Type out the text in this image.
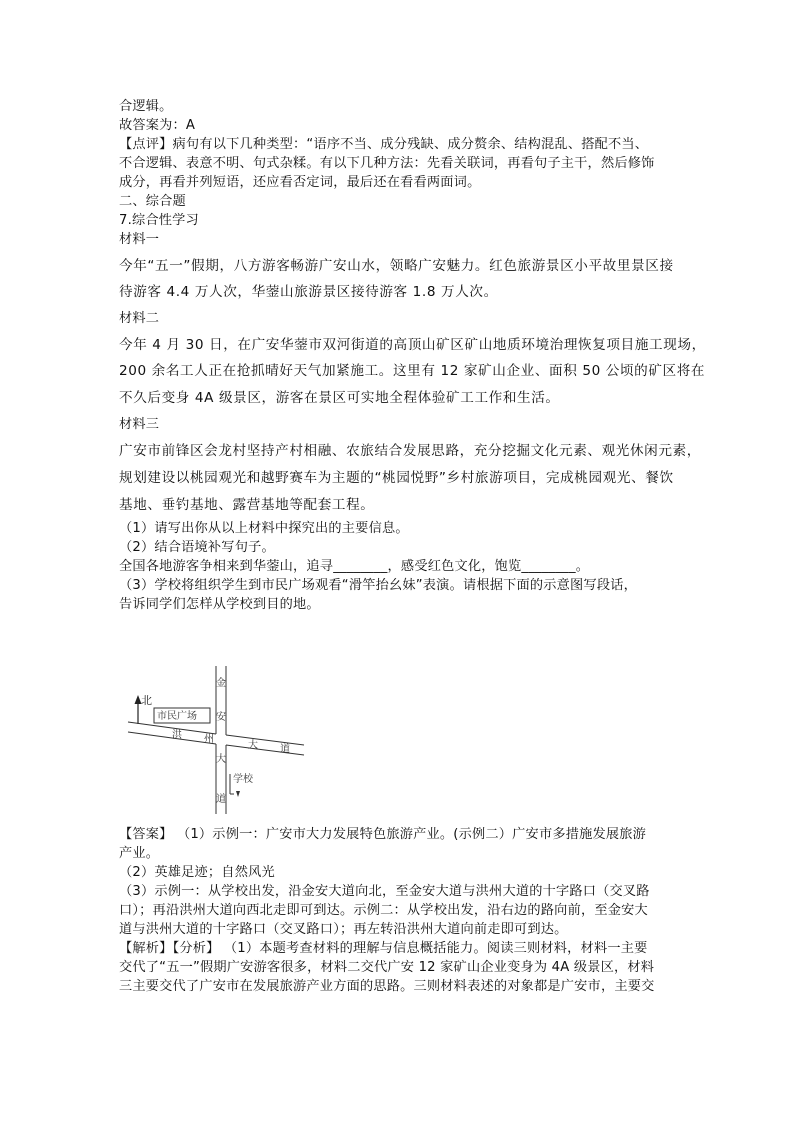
合逻辑。
故答案为：A
【点评】病句有以下几种类型：“语序不当、成分残缺、成分赘余、结构混乱、搭配不当、
不合逻辑、表意不明、句式杂糅。有以下几种方法：先看关联词，再看句子主干，然后修饰
成分，再看并列短语，还应看否定词，最后还在看看两面词。
二、综合题
7.综合性学习
材料一
今年“五一”假期，八方游客畅游广安山水，领略广安魅力。红色旅游景区小平故里景区接
待游客 4.4 万人次，华蓥山旅游景区接待游客 1.8 万人次。
材料二
今年 4 月 30 日，在广安华蓥市双河街道的高顶山矿区矿山地质环境治理恢复项目施工现场，
200 余名工人正在抢抓晴好天气加紧施工。这里有 12 家矿山企业、面积 50 公顷的矿区将在
不久后变身 4A 级景区，游客在景区可实地全程体验矿工工作和生活。
材料三
广安市前锋区会龙村坚持产村相融、农旅结合发展思路，充分挖掘文化元素、观光休闲元素，
规划建设以桃园观光和越野赛车为主题的“桃园悦野”乡村旅游项目，完成桃园观光、餐饮
基地、垂钓基地、露营基地等配套工程。
（1）请写出你从以上材料中探究出的主要信息。
（2）结合语境补写句子。
全国各地游客争相来到华蓥山，追寻________，感受红色文化，饱览________。
（3）学校将组织学生到市民广场观看“滑竿抬幺妹”表演。请根据下面的示意图写段话，
告诉同学们怎样从学校到目的地。
北
洪 州
大 道
金
安
大
道
市民广场
学校
【答案】 （1）示例一：广安市大力发展特色旅游产业。(示例二）广安市多措施发展旅游
产业。
（2）英雄足迹；自然风光
（3）示例一：从学校出发，沿金安大道向北，至金安大道与洪州大道的十字路口（交叉路
口）；再沿洪州大道向西北走即可到达。示例二：从学校出发，沿右边的路向前，至金安大
道与洪州大道的十字路口（交叉路口）；再左转沿洪州大道向前走即可到达。
【解析】【分析】 （1）本题考查材料的理解与信息概括能力。阅读三则材料，材料一主要
交代了“五一”假期广安游客很多，材料二交代广安 12 家矿山企业变身为 4A 级景区，材料
三主要交代了广安市在发展旅游产业方面的思路。三则材料表述的对象都是广安市，主要交
